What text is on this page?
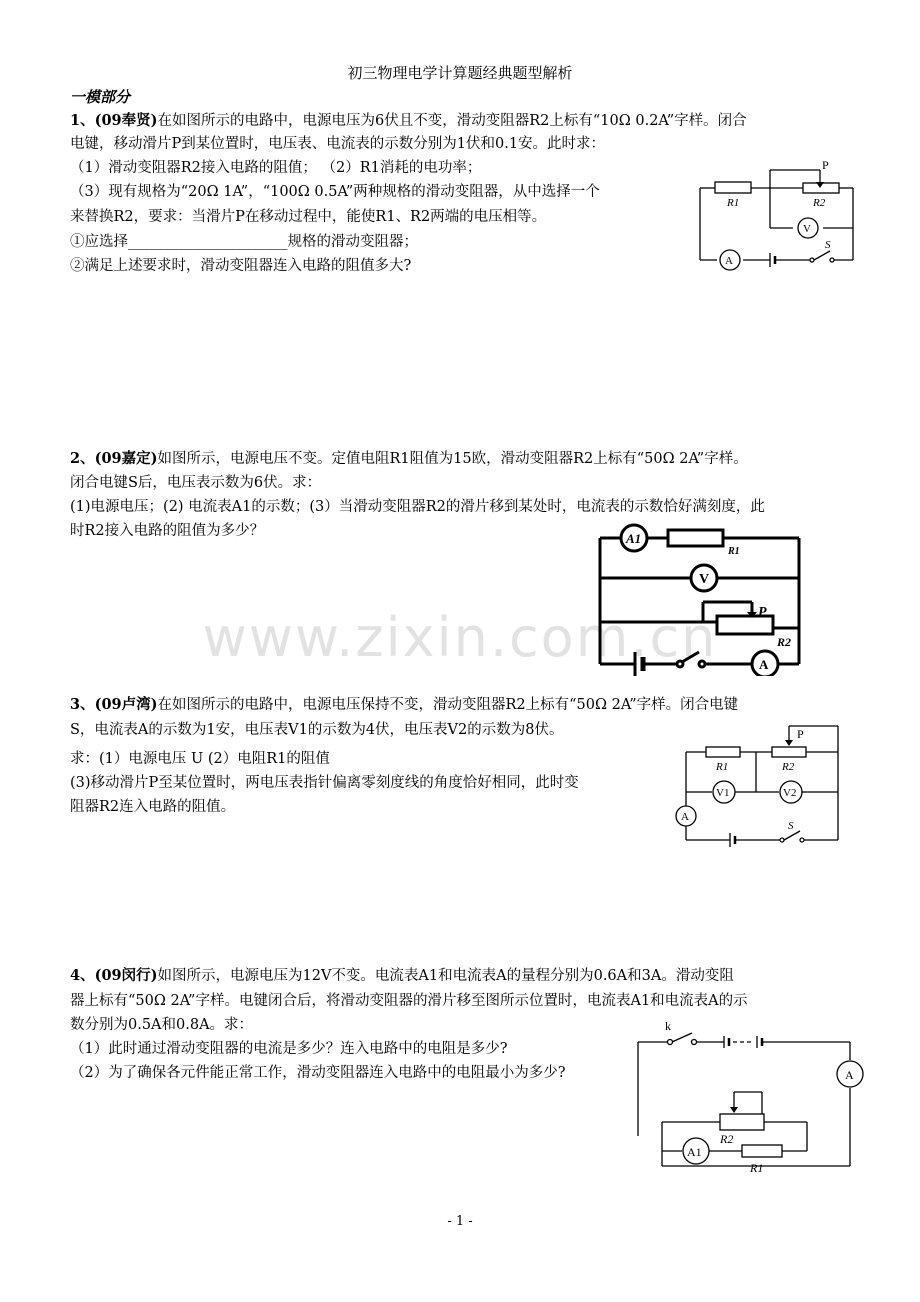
www.zixin.com.cn
初三物理电学计算题经典题型解析
一模部分
1、(09奉贤)在如图所示的电路中，电源电压为6伏且不变，滑动变阻器R2上标有“10Ω 0.2A”字样。闭合
电键，移动滑片P到某位置时，电压表、电流表的示数分别为1伏和0.1安。此时求：
（1）滑动变阻器R2接入电路的阻值； （2）R1消耗的电功率；
（3）现有规格为“20Ω 1A”，“100Ω 0.5A”两种规格的滑动变阻器，从中选择一个
来替换R2，要求：当滑片P在移动过程中，能使R1、R2两端的电压相等。
①应选择______________________规格的滑动变阻器；
②满足上述要求时，滑动变阻器连入电路的阻值多大?
P
R1	R2
V
A
S
2、(09嘉定)如图所示，电源电压不变。定值电阻R1阻值为15欧，滑动变阻器R2上标有“50Ω 2A”字样。
闭合电键S后，电压表示数为6伏。求：
(1)电源电压；(2) 电流表A1的示数；(3）当滑动变阻器R2的滑片移到某处时，电流表的示数恰好满刻度，此
时R2接入电路的阻值为多少？	A1
R1
V
P
R2
A
3、(09卢湾)在如图所示的电路中，电源电压保持不变，滑动变阻器R2上标有“50Ω 2A”字样。闭合电键
S，电流表A的示数为1安，电压表V1的示数为4伏，电压表V2的示数为8伏。
求：(1）电源电压 U (2）电阻R1的阻值
(3)移动滑片P至某位置时，两电压表指针偏离零刻度线的角度恰好相同，此时变
阻器R2连入电路的阻值。
P
R1	R2
V1	V2
A
S
4、(09闵行)如图所示，电源电压为12V不变。电流表A1和电流表A的量程分别为0.6A和3A。滑动变阻
器上标有“50Ω 2A”字样。电键闭合后，将滑动变阻器的滑片移至图所示位置时，电流表A1和电流表A的示
数分别为0.5A和0.8A。求：
（1）此时通过滑动变阻器的电流是多少？连入电路中的电阻是多少?
（2）为了确保各元件能正常工作，滑动变阻器连入电路中的电阻最小为多少?
k
A
R2
A1
R1
- 1 -
